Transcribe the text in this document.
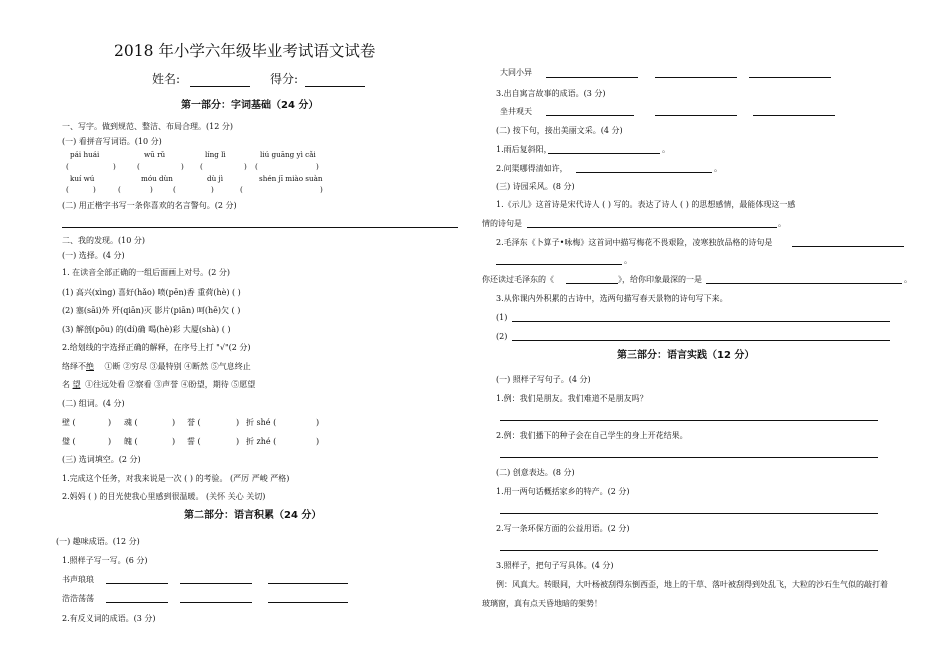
2018 年小学六年级毕业考试语文试卷
姓名:	得分:
第一部分：字词基础（24 分）
一、写字。做到规范、整洁、布局合理。(12 分)
(一) 看拼音写词语。(10 分)
pái huái	wū rǔ	líng lì	liú guāng yì cǎi
(	)	(	) (	) (	)
kuí wú	móu dùn	dù jì	shén jī miào suàn
(	)	(	)	(	)	(	)
(二) 用正楷字书写一条你喜欢的名言警句。(2 分)
二、我的发现。(10 分)
(一) 选择。(4 分)
1. 在读音全部正确的一组后面画上对号。(2 分)
(1) 高兴(xìng) 喜好(hǎo) 喷(pēn)香 重荷(hè) ( )
(2) 塞(sāi)外 歼(qiān)灭 影片(piān) 呵(hē)欠 ( )
(3) 解剖(pōu) 的(dí)确 喝(hè)彩 大厦(shà) ( )
2.给划线的字选择正确的解释，在序号上打 "√"(2 分)
络绎不绝 ①断 ②穷尽 ③最特别 ④断然 ⑤气息终止
名 望 ①往远处看 ②察看 ③声誉 ④盼望，期待 ⑤愿望
(二) 组词。(4 分)
壁 (	) 魂 (	) 誉 (	) 折 shé (	)
璧 (	) 魄 (	) 誓 (	) 折 zhé (	)
(三) 选词填空。(2 分)
1.完成这个任务，对我来说是一次 ( ) 的考验。 (严厉 严峻 严格)
2.妈妈 ( ) 的目光使我心里感到很温暖。 (关怀 关心 关切)
第二部分：语言积累（24 分）
(一) 趣味成语。(12 分)
1.照样子写一写。(6 分)
书声琅琅
浩浩荡荡
2.有反义词的成语。(3 分)
大同小异
3.出自寓言故事的成语。(3 分)
坐井观天
(二) 按下句，接出美丽文采。(4 分)
1.雨后复斜阳，	。
2.问渠哪得清如许，	。
(三) 诗园采风。(8 分)
1.《示儿》这首诗是宋代诗人 ( ) 写的。表达了诗人 ( ) 的思想感情，最能体现这一感
情的诗句是	。
2.毛泽东《卜算子•咏梅》这首词中描写梅花不畏艰险，凌寒独放品格的诗句是
。
你还读过毛泽东的《	》，给你印象最深的一是	。
3.从你课内外积累的古诗中，选两句描写春天景物的诗句写下来。
(1)
(2)
第三部分：语言实践（12 分）
(一) 照样子写句子。(4 分)
1.例：我们是朋友。我们难道不是朋友吗？
2.例：我们播下的种子会在自己学生的身上开花结果。
(二) 创意表达。(8 分)
1.用一两句话概括家乡的特产。(2 分)
2.写一条环保方面的公益用语。(2 分)
3.照样子，把句子写具体。(4 分)
例：风真大。转眼间，大叶杨被刮得东倒西歪，地上的干草、落叶被刮得到处乱飞，大粒的沙石生气似的敲打着
玻璃窗，真有点天昏地暗的架势！
